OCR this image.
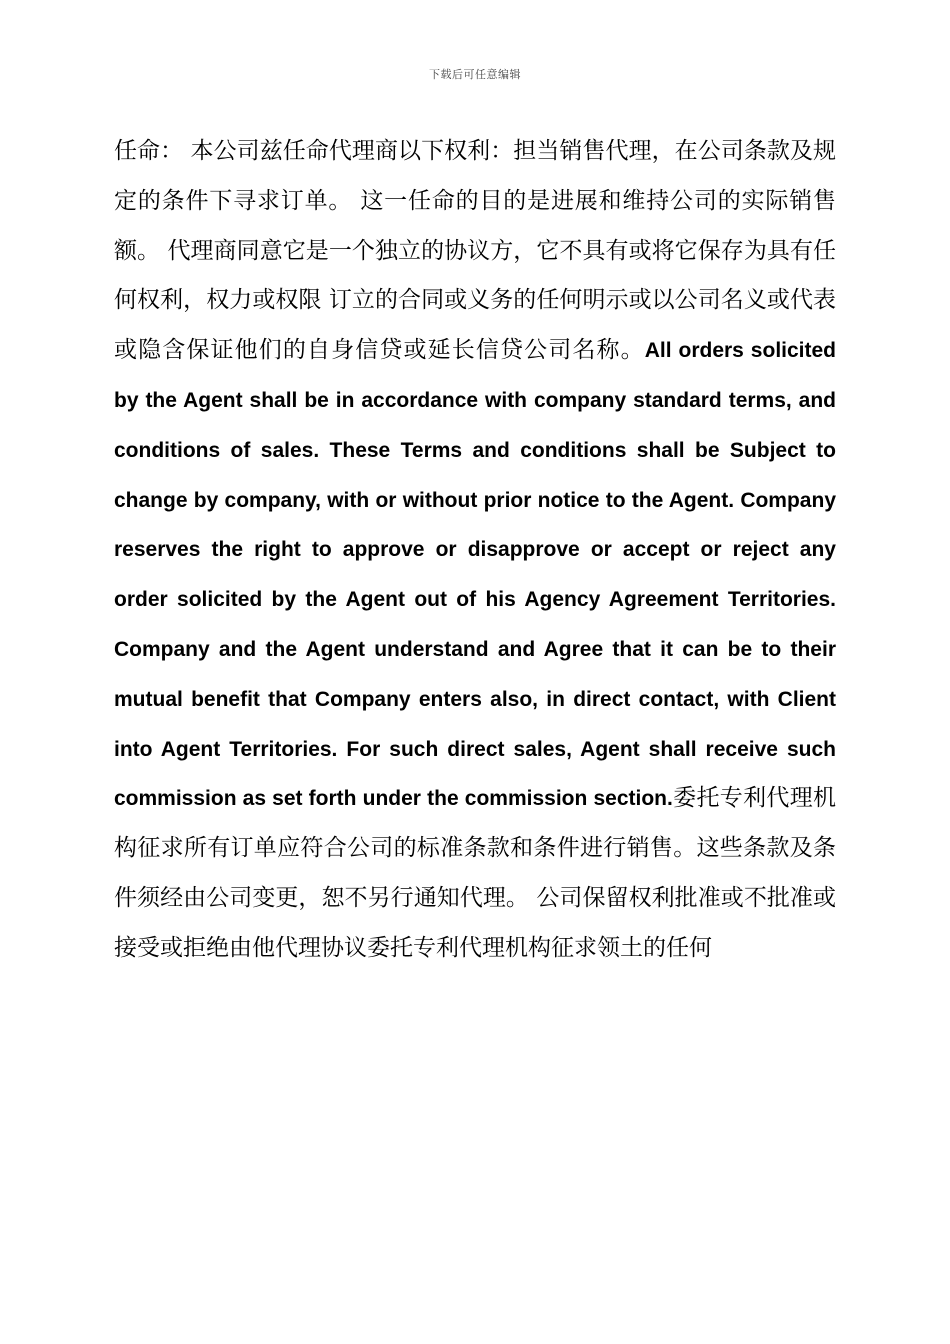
下载后可任意编辑

任命： 本公司兹任命代理商以下权利：担当销售代理，在公司条款及规定的条件下寻求订单。 这一任命的目的是进展和维持公司的实际销售额。 代理商同意它是一个独立的协议方，它不具有或将它保存为具有任何权利，权力或权限 订立的合同或义务的任何明示或以公司名义或代表或隐含保证他们的自身信贷或延长信贷公司名称。All orders solicited by the Agent shall be in accordance with company standard terms, and conditions of sales. These Terms and conditions shall be Subject to change by company, with or without prior notice to the Agent. Company reserves the right to approve or disapprove or accept or reject any order solicited by the Agent out of his Agency Agreement Territories. Company and the Agent understand and Agree that it can be to their mutual benefit that Company enters also, in direct contact, with Client into Agent Territories. For such direct sales, Agent shall receive such commission as set forth under the commission section.委托专利代理机构征求所有订单应符合公司的标准条款和条件进行销售。这些条款及条 件须经由公司变更，恕不另行通知代理。 公司保留权利批准或不批准或接受或拒绝由他代理协议委托专利代理机构征求领土的任何
